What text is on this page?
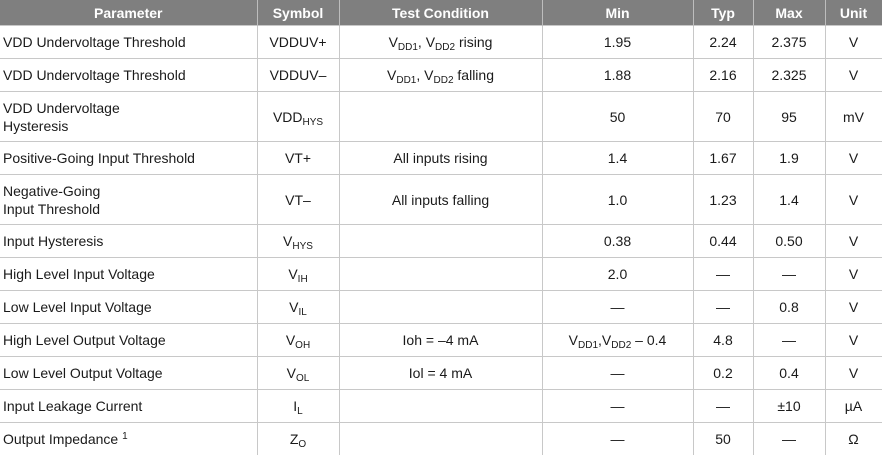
Parameter	Symbol	Test Condition	Min	Typ	Max	Unit
VDD Undervoltage Threshold	VDDUV+	$V_{DD1}$, $V_{DD2}$ rising	1.95	2.24	2.375	V
VDD Undervoltage Threshold	VDDUV–	$V_{DD1}$, $V_{DD2}$ falling	1.88	2.16	2.325	V
VDD Undervoltage
Hysteresis	$VDD_{HYS}$		50	70	95	mV
Positive-Going Input Threshold	VT+	All inputs rising	1.4	1.67	1.9	V
Negative-Going
Input Threshold	VT–	All inputs falling	1.0	1.23	1.4	V
Input Hysteresis	$V_{HYS}$		0.38	0.44	0.50	V
High Level Input Voltage	$V_{IH}$		2.0	—	—	V
Low Level Input Voltage	$V_{IL}$		—	—	0.8	V
High Level Output Voltage	$V_{OH}$	Ioh = –4 mA	$V_{DD1},V_{DD2} - 0.4$	4.8	—	V
Low Level Output Voltage	$V_{OL}$	Iol = 4 mA	—	0.2	0.4	V
Input Leakage Current	$I_L$		—	—	±10	µA
Output Impedance $^1$	$Z_O$		—	50	—	Ω
